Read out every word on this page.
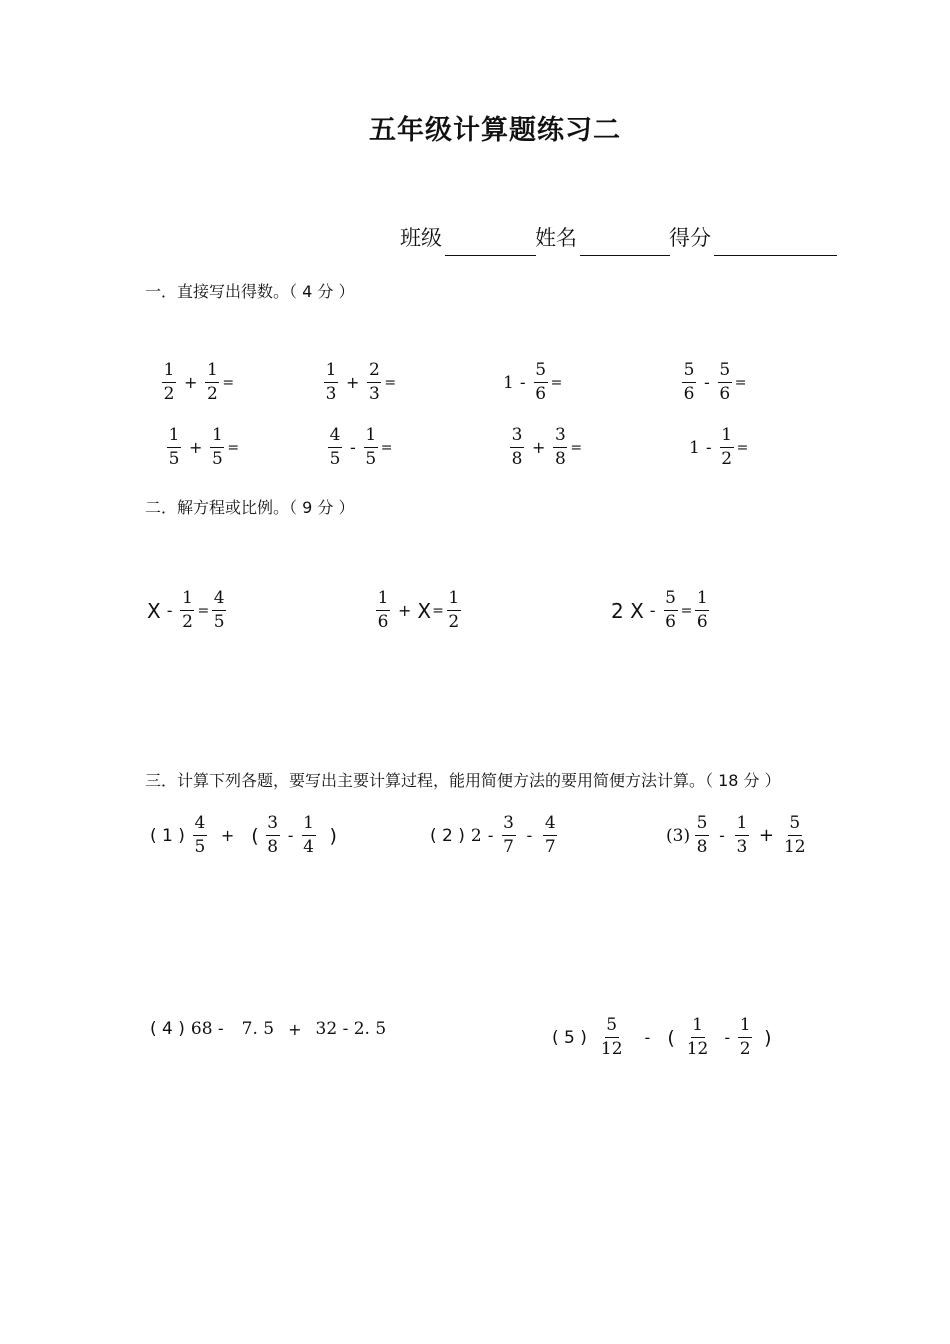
五年级计算题练习二
班级	姓名	得分
一．直接写出得数。（ 4 分 ）
$\frac{1}{2} + \frac{1}{2}$ =	$\frac{1}{3} + \frac{2}{3}$ =	$1 - \frac{5}{6}$ =	$\frac{5}{6} - \frac{5}{6}$ =
$\frac{1}{5} + \frac{1}{5}$ =	$\frac{4}{5} - \frac{1}{5}$ =	$\frac{3}{8} + \frac{3}{8}$ =	$1 - \frac{1}{2}$ =
二．解方程或比例。（ 9 分 ）
$X - \frac{1}{2} = \frac{4}{5}$	$\frac{1}{6} + X = \frac{1}{2}$	2 $X - \frac{5}{6} = \frac{1}{6}$
三．计算下列各题，要写出主要计算过程，能用简便方法的要用简便方法计算。（ 18 分 ）
( 1 ) $\frac{4}{5}$ + ( $\frac{3}{8} - \frac{1}{4}$ )	( 2 ) $2 - \frac{3}{7} - \frac{4}{7}$	$(3) \frac{5}{8} - \frac{1}{3} + \frac{5}{12}$
( 4 ) 68 - 7. 5 + 32 - 2. 5	( 5 ) $\frac{5}{12}$ - ( $\frac{1}{12} - \frac{1}{2}$ )
